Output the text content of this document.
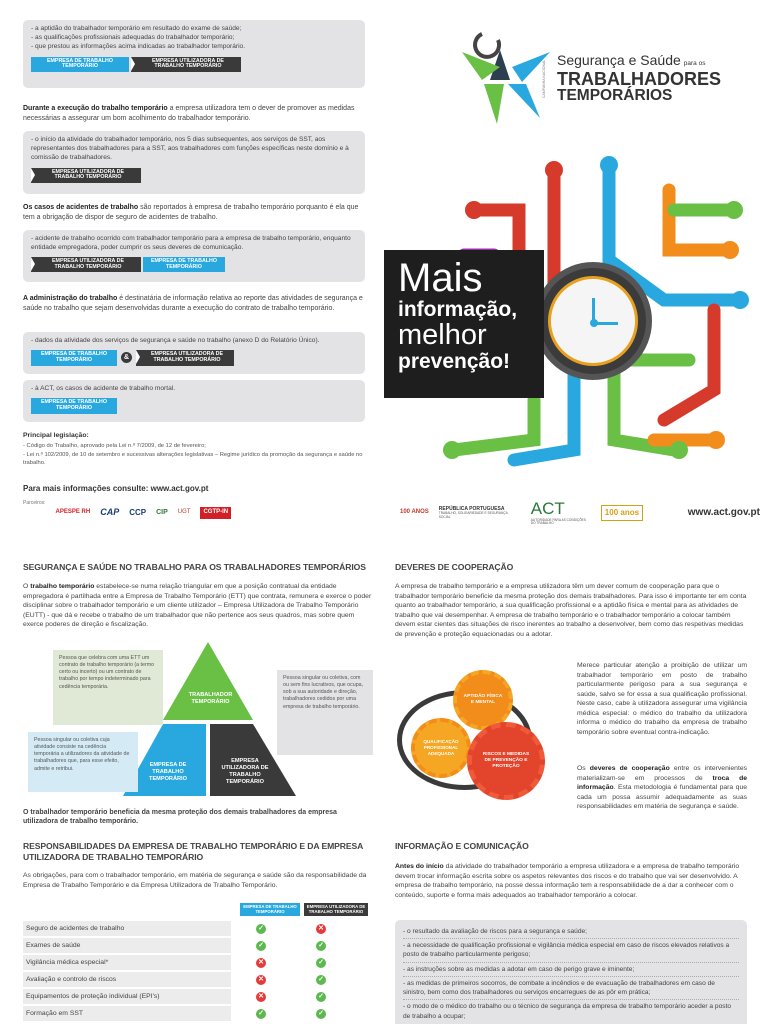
- a aptidão do trabalhador temporário em resultado do exame de saúde;

- as qualificações profissionais adequadas do trabalhador temporário;

- que prestou as informações acima indicadas ao trabalhador temporário.

EMPRESA DE TRABALHO TEMPORÁRIO EMPRESA UTILIZADORA DE TRABALHO TEMPORÁRIO
Durante a execução do trabalho temporário a empresa utilizadora tem o dever de promover as medidas necessárias a assegurar um bom acolhimento do trabalhador temporário.

- o início da atividade do trabalhador temporário, nos 5 dias subsequentes, aos serviços de SST, aos representantes dos trabalhadores para a SST, aos trabalhadores com funções específicas neste domínio e à comissão de trabalhadores.

EMPRESA UTILIZADORA DE TRABALHO TEMPORÁRIO
Os casos de acidentes de trabalho são reportados à empresa de trabalho temporário porquanto é ela que tem a obrigação de dispor de seguro de acidentes de trabalho.

- acidente de trabalho ocorrido com trabalhador temporário para a empresa de trabalho temporário, enquanto entidade empregadora, poder cumprir os seus deveres de comunicação.

EMPRESA UTILIZADORA DE TRABALHO TEMPORÁRIO EMPRESA DE TRABALHO TEMPORÁRIO
A administração do trabalho é destinatária de informação relativa ao reporte das atividades de segurança e saúde no trabalho que sejam desenvolvidas durante a execução do contrato de trabalho temporário.

- dados da atividade dos serviços de segurança e saúde no trabalho (anexo D do Relatório Único).

EMPRESA DE TRABALHO TEMPORÁRIO	&
EMPRESA UTILIZADORA DE TRABALHO TEMPORÁRIO

- à ACT, os casos de acidente de trabalho mortal.

EMPRESA DE TRABALHO TEMPORÁRIO
Principal legislação:
- Código do Trabalho, aprovado pela Lei n.º 7/2009, de 12 de fevereiro;
- Lei n.º 102/2009, de 10 de setembro e sucessivas alterações legislativas – Regime jurídico da promoção da segurança e saúde no trabalho.
Para mais informações consulte: www.act.gov.pt
Parceiros:
APESPE RH CAP CCP CIP UGT	CGTP-IN
CAMPANHA NACIONAL Segurança e Saúde para os
TRABALHADORES
TEMPORÁRIOS
Mais
informação,
melhor
prevenção!
100 ANOS
REPÚBLICA PORTUGUESA
TRABALHO, SOLIDARIEDADE E SEGURANÇA SOCIAL	ACT
AUTORIDADE PARA AS CONDIÇÕES DO TRABALHO
100 anos	www.act.gov.pt
SEGURANÇA E SAÚDE NO TRABALHO PARA OS TRABALHADORES TEMPORÁRIOS
O trabalho temporário estabelece-se numa relação triangular em que a posição contratual da entidade empregadora é partilhada entre a Empresa de Trabalho Temporário (ETT) que contrata, remunera e exerce o poder disciplinar sobre o trabalhador temporário e um cliente utilizador – Empresa Utilizadora de Trabalho Temporário (EUTT) - que dá e recebe o trabalho de um trabalhador que não pertence aos seus quadros, mas sobre quem exerce poderes de direção e fiscalização.
TRABALHADOR TEMPORÁRIO
EMPRESA DE TRABALHO TEMPORÁRIO
EMPRESA UTILIZADORA DE TRABALHO TEMPORÁRIO
Pessoa que celebra com uma ETT um contrato de trabalho temporário (a termo certo ou incerto) ou um contrato de trabalho por tempo indeterminado para cedência temporária.
Pessoa singular ou coletiva cuja atividade consiste na cedência temporária a utilizadores da atividade de trabalhadores que, para esse efeito, admite e retribui.
Pessoa singular ou coletiva, com ou sem fins lucrativos, que ocupa, sob a sua autoridade e direção, trabalhadores cedidos por uma empresa de trabalho temporário.
O trabalhador temporário beneficia da mesma proteção dos demais trabalhadores da empresa utilizadora de trabalho temporário.
RESPONSABILIDADES DA EMPRESA DE TRABALHO TEMPORÁRIO E DA EMPRESA UTILIZADORA DE TRABALHO TEMPORÁRIO
As obrigações, para com o trabalhador temporário, em matéria de segurança e saúde são da responsabilidade da Empresa de Trabalho Temporário e da Empresa Utilizadora de Trabalho Temporário.
EMPRESA DE TRABALHO TEMPORÁRIO
EMPRESA UTILIZADORA DE TRABALHO TEMPORÁRIO
Seguro de acidentes de trabalho	✓	✕
Exames de saúde	✓	✓
Vigilância médica especial*	✕	✓
Avaliação e controlo de riscos	✕	✓
Equipamentos de proteção individual (EPI's)	✕	✓
Formação em SST	✓	✓
DEVERES DE COOPERAÇÃO
A empresa de trabalho temporário e a empresa utilizadora têm um dever comum de cooperação para que o trabalhador temporário beneficie da mesma proteção dos demais trabalhadores. Para isso é importante ter em conta quanto ao trabalhador temporário, a sua qualificação profissional e a aptidão física e mental para as atividades de trabalho que vai desempenhar. A empresa de trabalho temporário e o trabalhador temporário a colocar também devem estar cientes das situações de risco inerentes ao trabalho a desenvolver, bem como das respetivas medidas de prevenção e proteção equacionadas ou a adotar.
APTIDÃO FÍSICA E MENTAL
QUALIFICAÇÃO PROFISSIONAL ADEQUADA	RISCOS E MEDIDAS DE PREVENÇÃO E PROTEÇÃO
Merece particular atenção a proibição de utilizar um trabalhador temporário em posto de trabalho particularmente perigoso para a sua segurança e saúde, salvo se for essa a sua qualificação profissional. Neste caso, cabe à utilizadora assegurar uma vigilância médica especial: o médico do trabalho da utilizadora informa o médico do trabalho da empresa de trabalho temporário sobre eventual contra-indicação.
Os deveres de cooperação entre os intervenientes materializam-se em processos de troca de informação. Esta metodologia é fundamental para que cada um possa assumir adequadamente as suas responsabilidades em matéria de segurança e saúde.
INFORMAÇÃO E COMUNICAÇÃO
Antes do início da atividade do trabalhador temporário a empresa utilizadora e a empresa de trabalho temporário devem trocar informação escrita sobre os aspetos relevantes dos riscos e do trabalho que vai ser desenvolvido. A empresa de trabalho temporário, na posse dessa informação tem a responsabilidade de a dar a conhecer com o conteúdo, suporte e forma mais adequados ao trabalhador temporário a colocar.

- o resultado da avaliação de riscos para a segurança e saúde;

- a necessidade de qualificação profissional e vigilância médica especial em caso de riscos elevados relativos a posto de trabalho particularmente perigoso;

- as instruções sobre as medidas a adotar em caso de perigo grave e iminente;

- as medidas de primeiros socorros, de combate a incêndios e de evacuação de trabalhadores em caso de sinistro, bem como dos trabalhadores ou serviços encarregues de as pôr em prática;

- o modo de o médico do trabalho ou o técnico de segurança da empresa de trabalho temporário aceder a posto de trabalho a ocupar;
